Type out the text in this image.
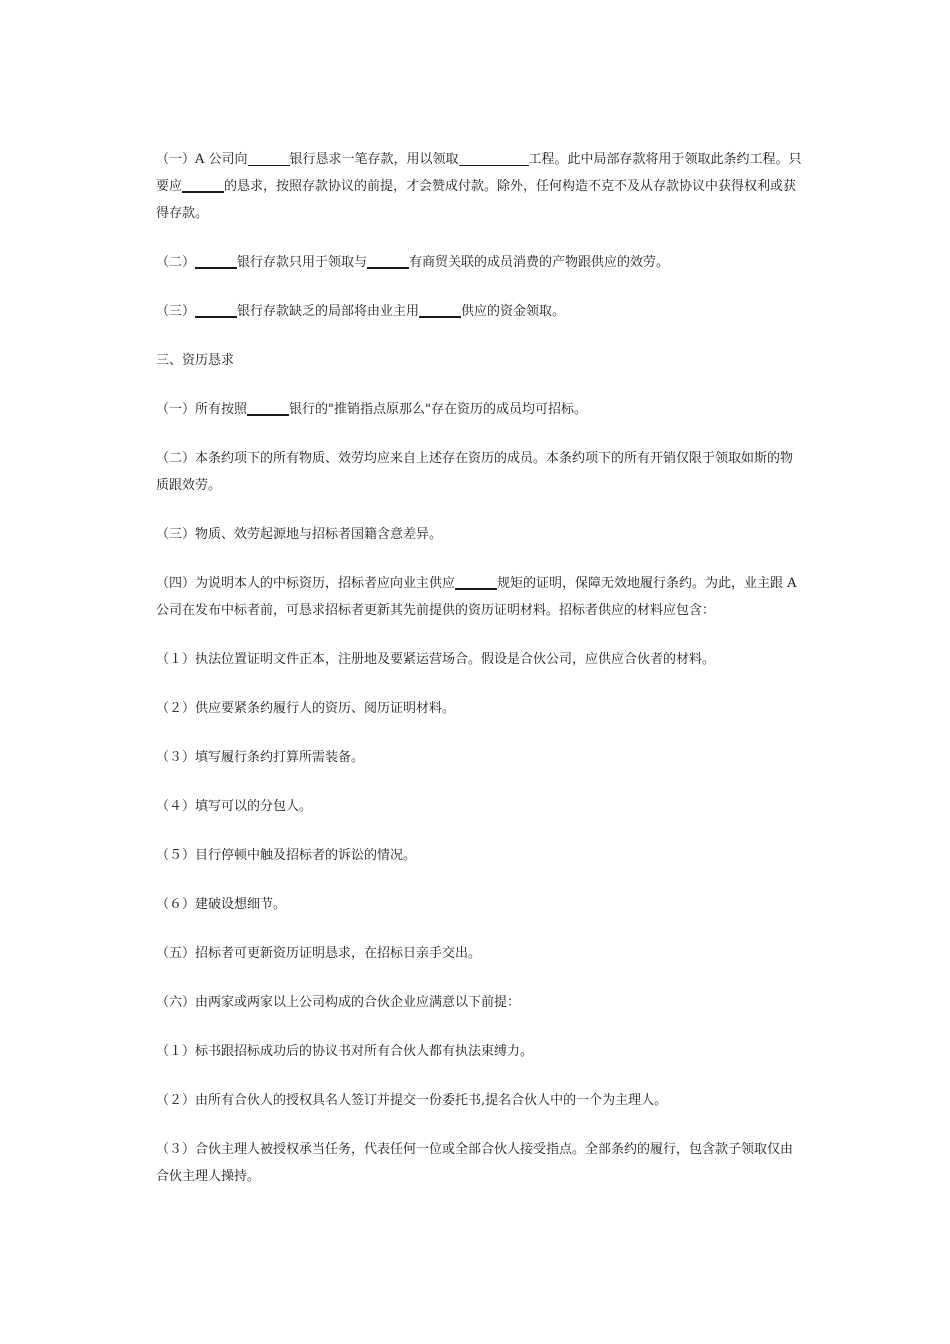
（一）A 公司向	银行恳求一笔存款，用以领取	工程。此中局部存款将用于领取此条约工程。只要应	的恳求，按照存款协议的前提，才会赞成付款。除外，任何构造不克不及从存款协议中获得权利或获得存款。

（二）	银行存款只用于领取与	有商贸关联的成员消费的产物跟供应的效劳。

（三）	银行存款缺乏的局部将由业主用	供应的资金领取。

三、资历恳求

（一）所有按照	银行的"推销指点原那么"存在资历的成员均可招标。

（二）本条约项下的所有物质、效劳均应来自上述存在资历的成员。本条约项下的所有开销仅限于领取如斯的物质跟效劳。

（三）物质、效劳起源地与招标者国籍含意差异。

（四）为说明本人的中标资历，招标者应向业主供应	规矩的证明，保障无效地履行条约。为此，业主跟 A 公司在发布中标者前，可恳求招标者更新其先前提供的资历证明材料。招标者供应的材料应包含：

（１）执法位置证明文件正本，注册地及要紧运营场合。假设是合伙公司，应供应合伙者的材料。

（２）供应要紧条约履行人的资历、阅历证明材料。

（３）填写履行条约打算所需装备。

（４）填写可以的分包人。

（５）目行停顿中触及招标者的诉讼的情况。

（６）建破设想细节。

（五）招标者可更新资历证明恳求，在招标日亲手交出。

（六）由两家或两家以上公司构成的合伙企业应满意以下前提：

（１）标书跟招标成功后的协议书对所有合伙人都有执法束缚力。

（２）由所有合伙人的授权具名人签订并提交一份委托书,提名合伙人中的一个为主理人。

（３）合伙主理人被授权承当任务，代表任何一位或全部合伙人接受指点。全部条约的履行，包含款子领取仅由合伙主理人操持。
